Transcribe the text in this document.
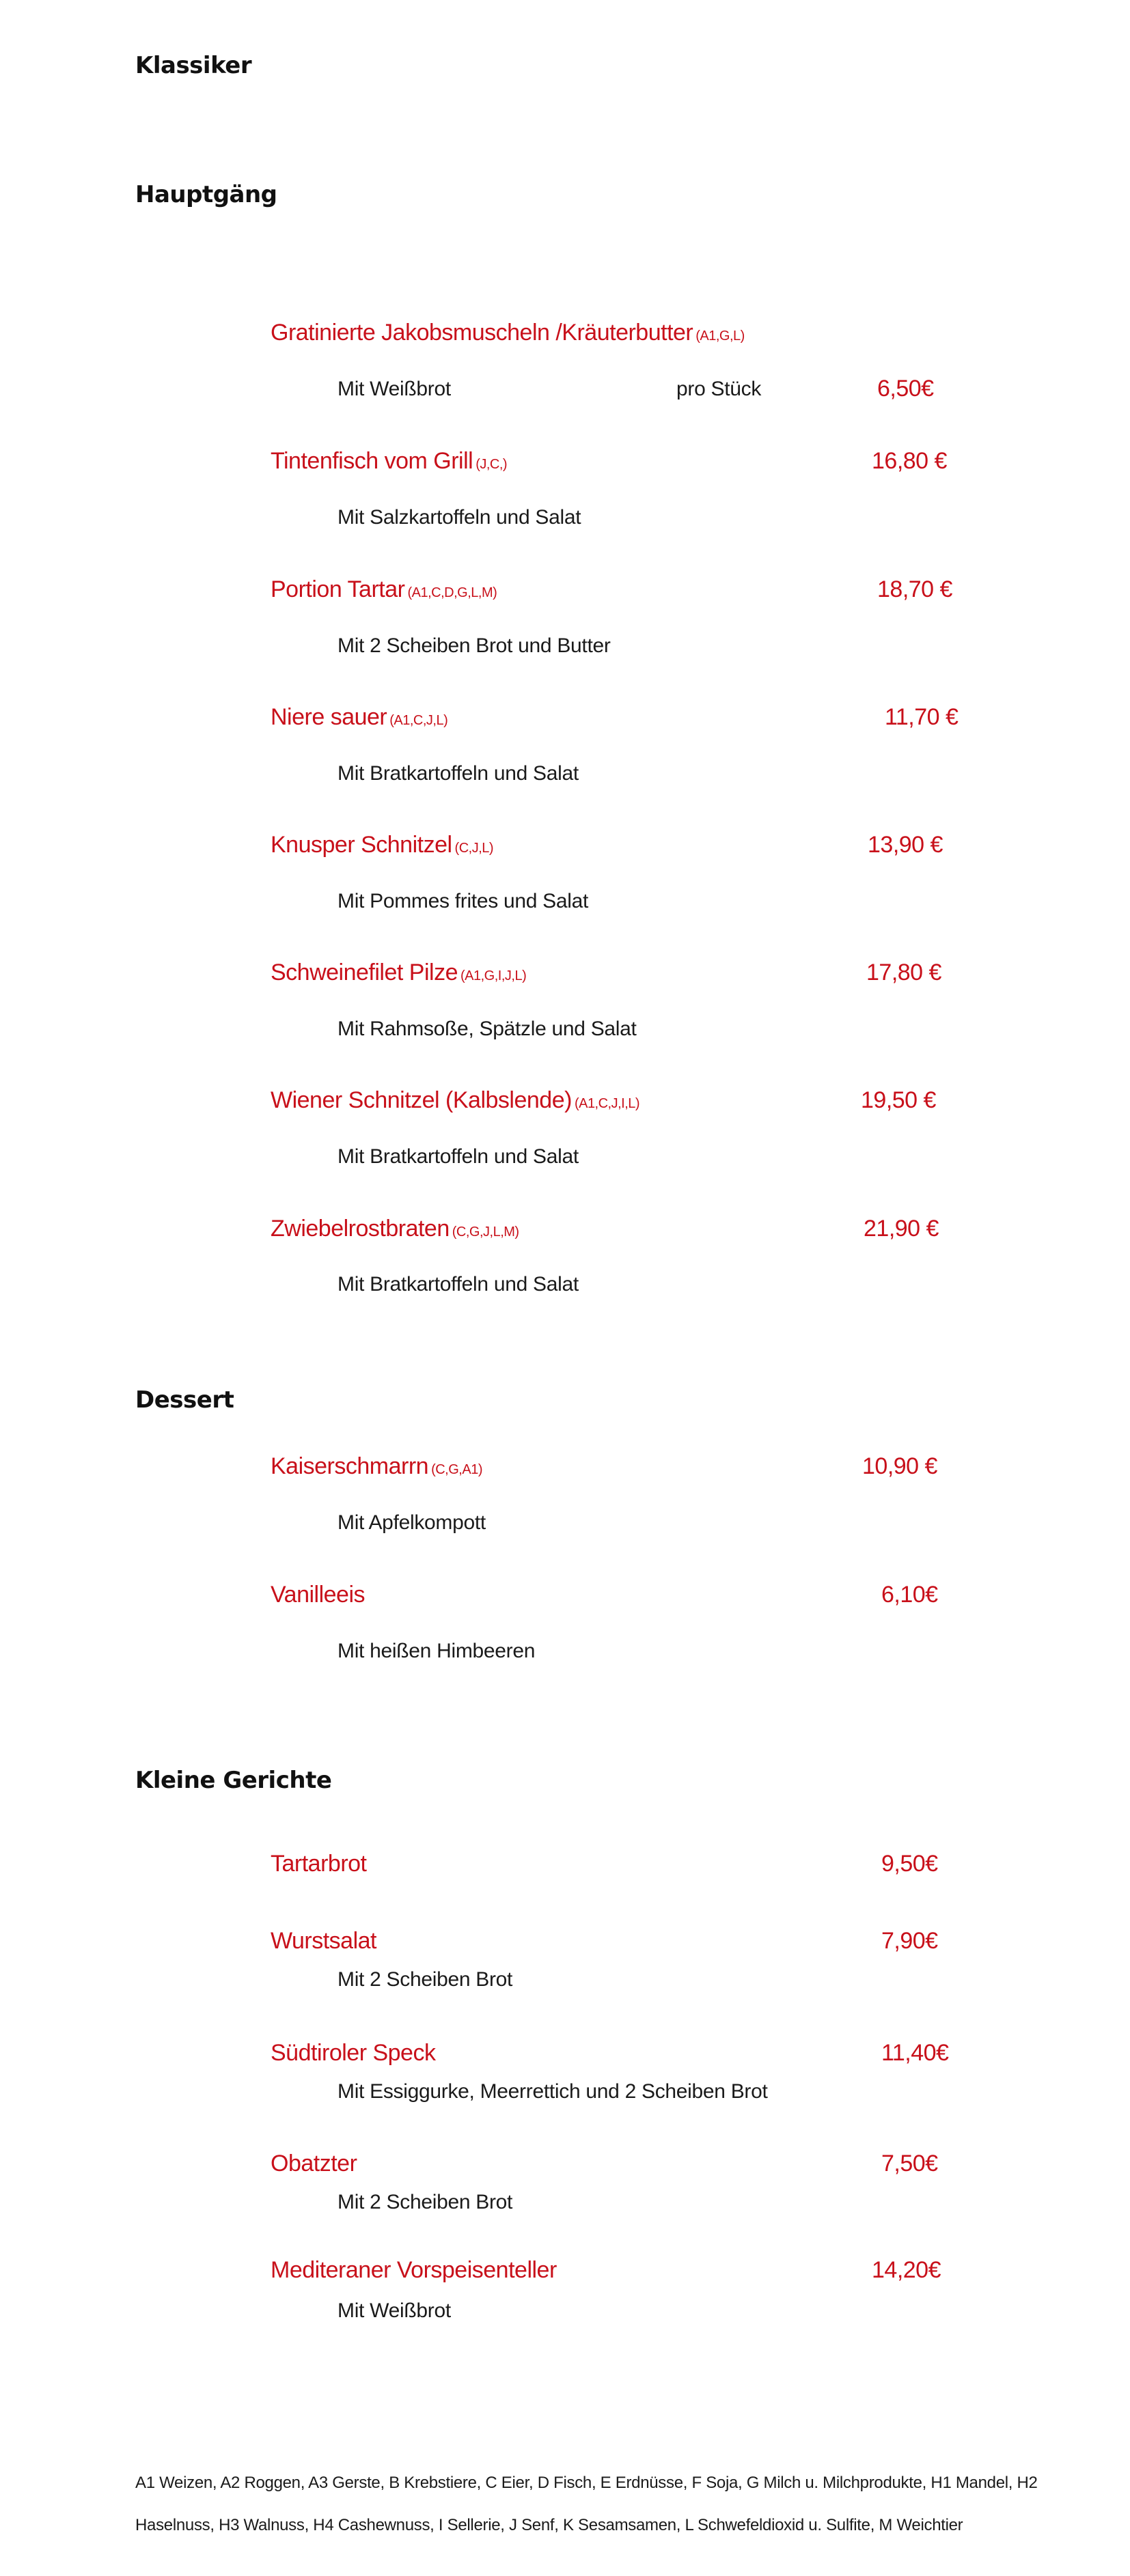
Klassiker
Hauptgäng
Dessert
Kleine Gerichte
Gratinierte Jakobsmuscheln /Kräuterbutter (A1,G,L)
Mit Weißbrot	pro Stück	6,50€
Tintenfisch vom Grill (J,C,)	16,80 €
Mit Salzkartoffeln und Salat
Portion Tartar (A1,C,D,G,L,M)	18,70 €
Mit 2 Scheiben Brot und Butter
Niere sauer (A1,C,J,L)	11,70 €
Mit Bratkartoffeln und Salat
Knusper Schnitzel (C,J,L)	13,90 €
Mit Pommes frites und Salat
Schweinefilet Pilze (A1,G,I,J,L)	17,80 €
Mit Rahmsoße, Spätzle und Salat
Wiener Schnitzel (Kalbslende) (A1,C,J,I,L)	19,50 €
Mit Bratkartoffeln und Salat
Zwiebelrostbraten (C,G,J,L,M)	21,90 €
Mit Bratkartoffeln und Salat
Kaiserschmarrn (C,G,A1)	10,90 €
Mit Apfelkompott
Vanilleeis	6,10€
Mit heißen Himbeeren
Tartarbrot	9,50€
Wurstsalat	7,90€
Mit 2 Scheiben Brot
Südtiroler Speck	11,40€
Mit Essiggurke, Meerrettich und 2 Scheiben Brot
Obatzter	7,50€
Mit 2 Scheiben Brot
Mediteraner Vorspeisenteller	14,20€
Mit Weißbrot
A1 Weizen, A2 Roggen, A3 Gerste, B Krebstiere, C Eier, D Fisch, E Erdnüsse, F Soja, G Milch u. Milchprodukte, H1 Mandel, H2
Haselnuss, H3 Walnuss, H4 Cashewnuss, I Sellerie, J Senf, K Sesamsamen, L Schwefeldioxid u. Sulfite, M Weichtier
